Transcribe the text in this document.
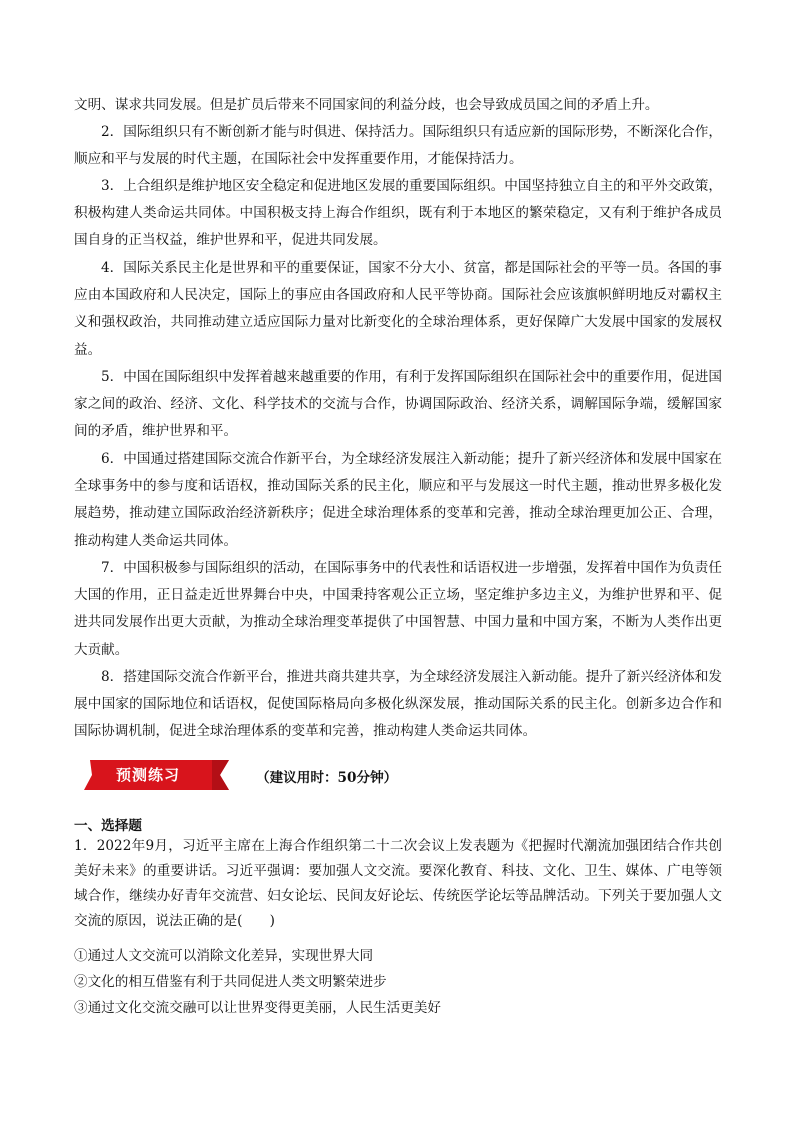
文明、谋求共同发展。但是扩员后带来不同国家间的利益分歧，也会导致成员国之间的矛盾上升。

2．国际组织只有不断创新才能与时俱进、保持活力。国际组织只有适应新的国际形势，不断深化合作，顺应和平与发展的时代主题，在国际社会中发挥重要作用，才能保持活力。

3．上合组织是维护地区安全稳定和促进地区发展的重要国际组织。中国坚持独立自主的和平外交政策，积极构建人类命运共同体。中国积极支持上海合作组织，既有利于本地区的繁荣稳定，又有利于维护各成员国自身的正当权益，维护世界和平，促进共同发展。

4．国际关系民主化是世界和平的重要保证，国家不分大小、贫富，都是国际社会的平等一员。各国的事应由本国政府和人民决定，国际上的事应由各国政府和人民平等协商。国际社会应该旗帜鲜明地反对霸权主义和强权政治，共同推动建立适应国际力量对比新变化的全球治理体系，更好保障广大发展中国家的发展权益。

5．中国在国际组织中发挥着越来越重要的作用，有利于发挥国际组织在国际社会中的重要作用，促进国家之间的政治、经济、文化、科学技术的交流与合作，协调国际政治、经济关系，调解国际争端，缓解国家间的矛盾，维护世界和平。

6．中国通过搭建国际交流合作新平台，为全球经济发展注入新动能；提升了新兴经济体和发展中国家在全球事务中的参与度和话语权，推动国际关系的民主化，顺应和平与发展这一时代主题，推动世界多极化发展趋势，推动建立国际政治经济新秩序；促进全球治理体系的变革和完善，推动全球治理更加公正、合理，推动构建人类命运共同体。

7．中国积极参与国际组织的活动，在国际事务中的代表性和话语权进一步增强，发挥着中国作为负责任大国的作用，正日益走近世界舞台中央，中国秉持客观公正立场，坚定维护多边主义，为维护世界和平、促进共同发展作出更大贡献，为推动全球治理变革提供了中国智慧、中国力量和中国方案，不断为人类作出更大贡献。

8．搭建国际交流合作新平台，推进共商共建共享，为全球经济发展注入新动能。提升了新兴经济体和发展中国家的国际地位和话语权，促使国际格局向多极化纵深发展，推动国际关系的民主化。创新多边合作和国际协调机制，促进全球治理体系的变革和完善，推动构建人类命运共同体。

预测练习	（建议用时：50分钟）
一、选择题

1．2022年9月，习近平主席在上海合作组织第二十二次会议上发表题为《把握时代潮流加强团结合作共创美好未来》的重要讲话。习近平强调：要加强人文交流。要深化教育、科技、文化、卫生、媒体、广电等领域合作，继续办好青年交流营、妇女论坛、民间友好论坛、传统医学论坛等品牌活动。下列关于要加强人文交流的原因，说法正确的是(　　)

①通过人文交流可以消除文化差异，实现世界大同

②文化的相互借鉴有利于共同促进人类文明繁荣进步

③通过文化交流交融可以让世界变得更美丽，人民生活更美好
